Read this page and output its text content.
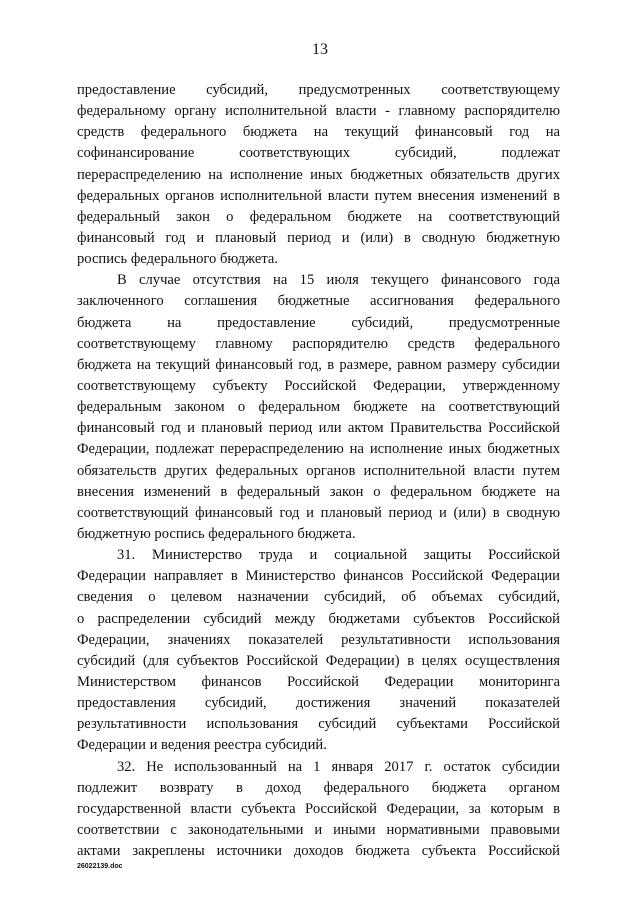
13
предоставление субсидий, предусмотренных соответствующему
федеральному органу исполнительной власти - главному распорядителю
средств федерального бюджета на текущий финансовый год на
софинансирование соответствующих субсидий, подлежат
перераспределению на исполнение иных бюджетных обязательств других
федеральных органов исполнительной власти путем внесения изменений в
федеральный закон о федеральном бюджете на соответствующий
финансовый год и плановый период и (или) в сводную бюджетную
роспись федерального бюджета.
В случае отсутствия на 15 июля текущего финансового года
заключенного соглашения бюджетные ассигнования федерального
бюджета на предоставление субсидий, предусмотренные
соответствующему главному распорядителю средств федерального
бюджета на текущий финансовый год, в размере, равном размеру субсидии
соответствующему субъекту Российской Федерации, утвержденному
федеральным законом о федеральном бюджете на соответствующий
финансовый год и плановый период или актом Правительства Российской
Федерации, подлежат перераспределению на исполнение иных бюджетных
обязательств других федеральных органов исполнительной власти путем
внесения изменений в федеральный закон о федеральном бюджете на
соответствующий финансовый год и плановый период и (или) в сводную
бюджетную роспись федерального бюджета.
31. Министерство труда и социальной защиты Российской
Федерации направляет в Министерство финансов Российской Федерации
сведения о целевом назначении субсидий, об объемах субсидий,
о распределении субсидий между бюджетами субъектов Российской
Федерации, значениях показателей результативности использования
субсидий (для субъектов Российской Федерации) в целях осуществления
Министерством финансов Российской Федерации мониторинга
предоставления субсидий, достижения значений показателей
результативности использования субсидий субъектами Российской
Федерации и ведения реестра субсидий.
32. Не использованный на 1 января 2017 г. остаток субсидии
подлежит возврату в доход федерального бюджета органом
государственной власти субъекта Российской Федерации, за которым в
соответствии с законодательными и иными нормативными правовыми
актами закреплены источники доходов бюджета субъекта Российской
26022139.doc
